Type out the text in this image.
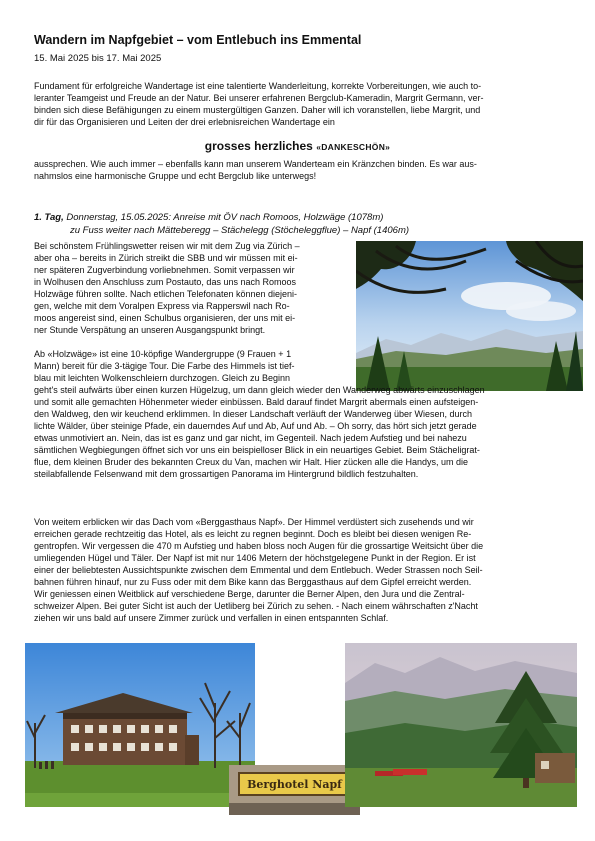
Wandern im Napfgebiet – vom Entlebuch ins Emmental
15. Mai 2025 bis 17. Mai 2025
Fundament für erfolgreiche Wandertage ist eine talentierte Wanderleitung, korrekte Vorbereitungen, wie auch to-
leranter Teamgeist und Freude an der Natur. Bei unserer erfahrenen Bergclub-Kameradin, Margrit Germann, ver-
binden sich diese Befähigungen zu einem mustergültigen Ganzen. Daher will ich voranstellen, liebe Margrit, und
dir für das Organisieren und Leiten der drei erlebnisreichen Wandertage ein
grosses herzliches «DANKESCHÖN»
aussprechen. Wie auch immer – ebenfalls kann man unserem Wanderteam ein Kränzchen binden. Es war aus-
nahmslos eine harmonische Gruppe und echt Bergclub like unterwegs!
1. Tag, Donnerstag, 15.05.2025: Anreise mit ÖV nach Romoos, Holzwäge (1078m)
zu Fuss weiter nach Mätteberegg – Stächelegg (Stöcheleggflue) – Napf (1406m)
Bei schönstem Frühlingswetter reisen wir mit dem Zug via Zürich –
aber oha – bereits in Zürich streikt die SBB und wir müssen mit ei-
ner späteren Zugverbindung vorliebnehmen. Somit verpassen wir
in Wolhusen den Anschluss zum Postauto, das uns nach Romoos
Holzwäge führen sollte. Nach etlichen Telefonaten können diejeni-
gen, welche mit dem Voralpen Express via Rapperswil nach Ro-
moos angereist sind, einen Schulbus organisieren, der uns mit ei-
ner Stunde Verspätung an unseren Ausgangspunkt bringt.
Ab «Holzwäge» ist eine 10-köpfige Wandergruppe (9 Frauen + 1
Mann) bereit für die 3-tägige Tour. Die Farbe des Himmels ist tief-
blau mit leichten Wolkenschleiern durchzogen. Gleich zu Beginn
geht's steil aufwärts über einen kurzen Hügelzug, um dann gleich wieder den Wanderweg abwärts einzuschlagen
und somit alle gemachten Höhenmeter wieder einbüssen. Bald darauf findet Margrit abermals einen aufsteigen-
den Waldweg, den wir keuchend erklimmen. In dieser Landschaft verläuft der Wanderweg über Wiesen, durch
lichte Wälder, über steinige Pfade, ein dauerndes Auf und Ab, Auf und Ab. – Oh sorry, das hört sich jetzt gerade
etwas unmotiviert an. Nein, das ist es ganz und gar nicht, im Gegenteil. Nach jedem Aufstieg und bei nahezu
sämtlichen Wegbiegungen öffnet sich vor uns ein beispielloser Blick in ein neuartiges Gebiet. Beim Stächeligrat-
flue, dem kleinen Bruder des bekannten Creux du Van, machen wir Halt. Hier zücken alle die Handys, um die
steilabfallende Felsenwand mit dem grossartigen Panorama im Hintergrund bildlich festzuhalten.
Von weitem erblicken wir das Dach vom «Berggasthaus Napf». Der Himmel verdüstert sich zusehends und wir
erreichen gerade rechtzeitig das Hotel, als es leicht zu regnen beginnt. Doch es bleibt bei diesen wenigen Re-
gentropfen. Wir vergessen die 470 m Aufstieg und haben bloss noch Augen für die grossartige Weitsicht über die
umliegenden Hügel und Täler. Der Napf ist mit nur 1406 Metern der höchstgelegene Punkt in der Region. Er ist
einer der beliebtesten Aussichtspunkte zwischen dem Emmental und dem Entlebuch. Weder Strassen noch Seil-
bahnen führen hinauf, nur zu Fuss oder mit dem Bike kann das Berggasthaus auf dem Gipfel erreicht werden.
Wir geniessen einen Weitblick auf verschiedene Berge, darunter die Berner Alpen, den Jura und die Zentral-
schweizer Alpen. Bei guter Sicht ist auch der Uetliberg bei Zürich zu sehen. - Nach einem währschaften z'Nacht
ziehen wir uns bald auf unsere Zimmer zurück und verfallen in einen entspannten Schlaf.
Berghotel Napf
